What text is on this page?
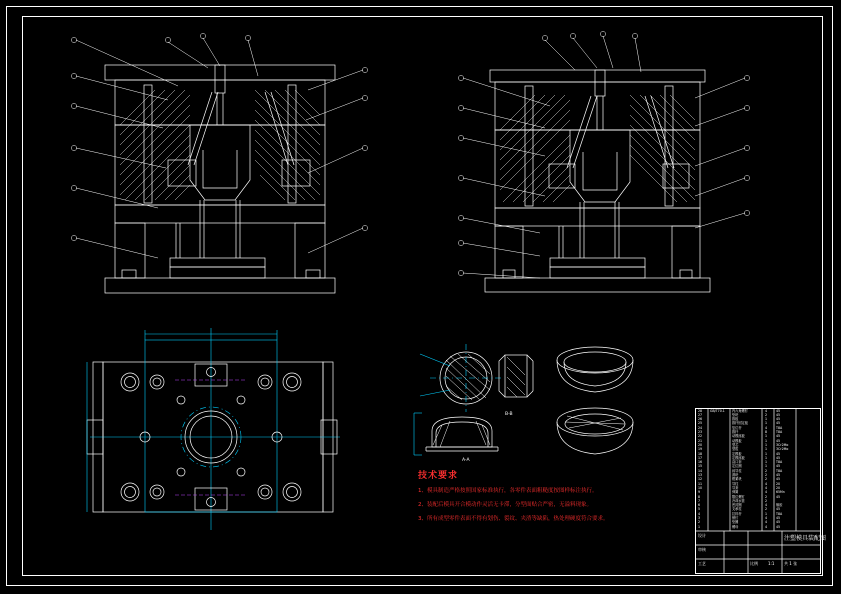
B-B
A-A
技术要求
1、模具制造严格按照国家标准执行，各零件表面粗糙度按图样标注执行。
2、装配后模具开合模动作灵活无卡滞，分型面贴合严密，无溢料现象。
3、所有成型零件表面不得有划伤、裂纹、夹渣等缺陷，热处理硬度符合要求。
28 GB/T70.1 内六角螺钉	4	45
27	垫块	2	45
26	推板	1	45
25	推杆固定板	1	45
24	复位杆	4	T8A
23	推杆	8	T8A
22	动模座板	1	45
21	动模板	1	45
20	型芯	1	3Cr2Mo
19	型腔	1	3Cr2Mo
18	定模板	1	45
17	定模座板	1	45
16	浇口套	1	T8A
15	定位圈	1	45
14	斜导柱	2	T8A
13	滑块	2	45
12	楔紧块	2	45
11	导柱	4	20
10	导套	4	20
9	弹簧	4	65Mn
8	限位螺钉	2	45
7	冷却水管	2
6	密封圈	4	橡胶
5	支承柱	2	45
4	拉料杆	1	T8A
3	销钉	4	45
2	垫圈	4	45
1	螺母	4	45
设计
审核
工艺	比例	1:1
注塑模具装配图
共 1 张
